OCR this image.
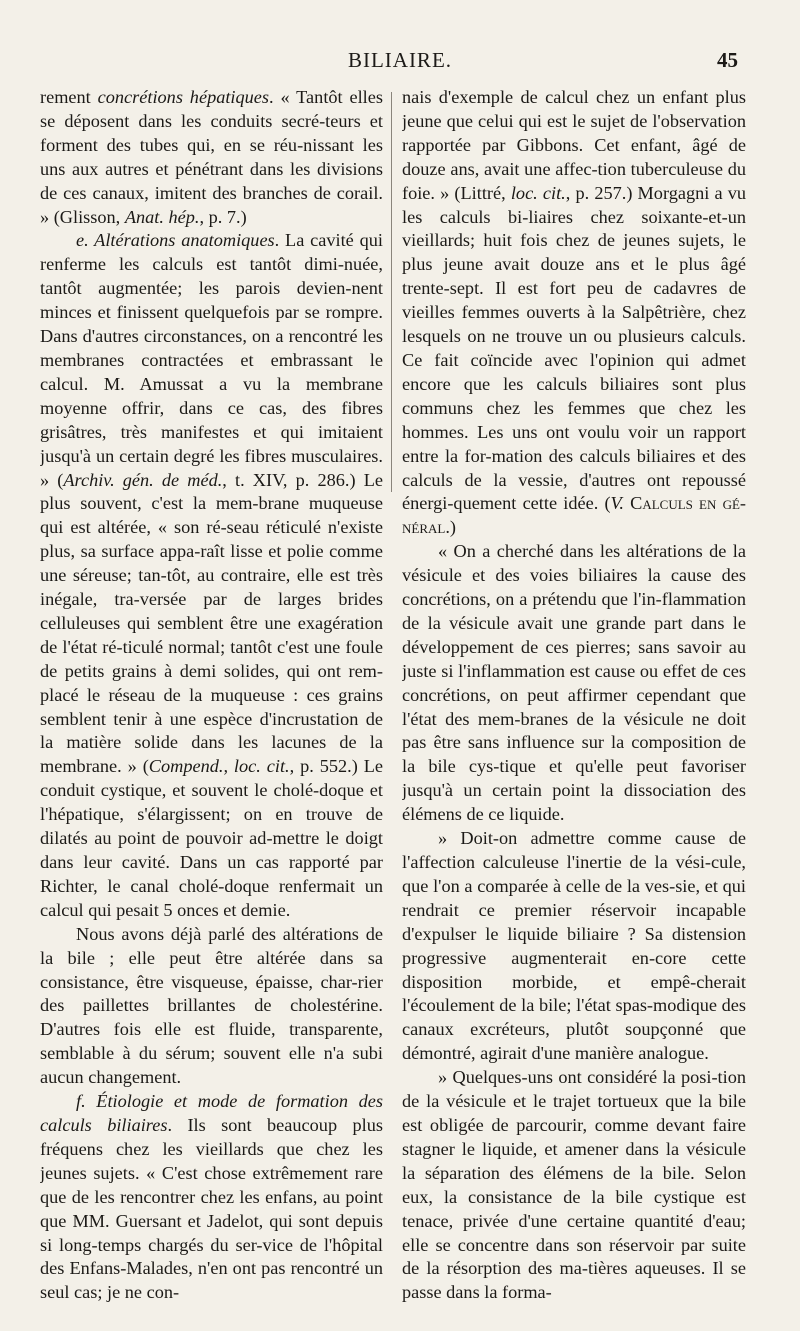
BILIAIRE.	45

rement concrétions hépatiques. « Tantôt elles se déposent dans les conduits secré-teurs et forment des tubes qui, en se réu-nissant les uns aux autres et pénétrant dans les divisions de ces canaux, imitent des branches de corail. » (Glisson, Anat. hép., p. 7.)

e. Altérations anatomiques. La cavité qui renferme les calculs est tantôt dimi-nuée, tantôt augmentée; les parois devien-nent minces et finissent quelquefois par se rompre. Dans d'autres circonstances, on a rencontré les membranes contractées et embrassant le calcul. M. Amussat a vu la membrane moyenne offrir, dans ce cas, des fibres grisâtres, très manifestes et qui imitaient jusqu'à un certain degré les fibres musculaires. » (Archiv. gén. de méd., t. XIV, p. 286.) Le plus souvent, c'est la mem-brane muqueuse qui est altérée, « son ré-seau réticulé n'existe plus, sa surface appa-raît lisse et polie comme une séreuse; tan-tôt, au contraire, elle est très inégale, tra-versée par de larges brides celluleuses qui semblent être une exagération de l'état ré-ticulé normal; tantôt c'est une foule de petits grains à demi solides, qui ont rem-placé le réseau de la muqueuse : ces grains semblent tenir à une espèce d'incrustation de la matière solide dans les lacunes de la membrane. » (Compend., loc. cit., p. 552.) Le conduit cystique, et souvent le cholé-doque et l'hépatique, s'élargissent; on en trouve de dilatés au point de pouvoir ad-mettre le doigt dans leur cavité. Dans un cas rapporté par Richter, le canal cholé-doque renfermait un calcul qui pesait 5 onces et demie.

Nous avons déjà parlé des altérations de la bile ; elle peut être altérée dans sa consistance, être visqueuse, épaisse, char-rier des paillettes brillantes de cholestérine. D'autres fois elle est fluide, transparente, semblable à du sérum; souvent elle n'a subi aucun changement.

f. Étiologie et mode de formation des calculs biliaires. Ils sont beaucoup plus fréquens chez les vieillards que chez les jeunes sujets. « C'est chose extrêmement rare que de les rencontrer chez les enfans, au point que MM. Guersant et Jadelot, qui sont depuis si long-temps chargés du ser-vice de l'hôpital des Enfans-Malades, n'en ont pas rencontré un seul cas; je ne con-

nais d'exemple de calcul chez un enfant plus jeune que celui qui est le sujet de l'observation rapportée par Gibbons. Cet enfant, âgé de douze ans, avait une affec-tion tuberculeuse du foie. » (Littré, loc. cit., p. 257.) Morgagni a vu les calculs bi-liaires chez soixante-et-un vieillards; huit fois chez de jeunes sujets, le plus jeune avait douze ans et le plus âgé trente-sept. Il est fort peu de cadavres de vieilles femmes ouverts à la Salpêtrière, chez lesquels on ne trouve un ou plusieurs calculs. Ce fait coïncide avec l'opinion qui admet encore que les calculs biliaires sont plus communs chez les femmes que chez les hommes. Les uns ont voulu voir un rapport entre la for-mation des calculs biliaires et des calculs de la vessie, d'autres ont repoussé énergi-quement cette idée. (V. Calculs en gé-néral.)

« On a cherché dans les altérations de la vésicule et des voies biliaires la cause des concrétions, on a prétendu que l'in-flammation de la vésicule avait une grande part dans le développement de ces pierres; sans savoir au juste si l'inflammation est cause ou effet de ces concrétions, on peut affirmer cependant que l'état des mem-branes de la vésicule ne doit pas être sans influence sur la composition de la bile cys-tique et qu'elle peut favoriser jusqu'à un certain point la dissociation des élémens de ce liquide.

» Doit-on admettre comme cause de l'affection calculeuse l'inertie de la vési-cule, que l'on a comparée à celle de la ves-sie, et qui rendrait ce premier réservoir incapable d'expulser le liquide biliaire ? Sa distension progressive augmenterait en-core cette disposition morbide, et empê-cherait l'écoulement de la bile; l'état spas-modique des canaux excréteurs, plutôt soupçonné que démontré, agirait d'une manière analogue.

» Quelques-uns ont considéré la posi-tion de la vésicule et le trajet tortueux que la bile est obligée de parcourir, comme devant faire stagner le liquide, et amener dans la vésicule la séparation des élémens de la bile. Selon eux, la consistance de la bile cystique est tenace, privée d'une certaine quantité d'eau; elle se concentre dans son réservoir par suite de la résorption des ma-tières aqueuses. Il se passe dans la forma-
